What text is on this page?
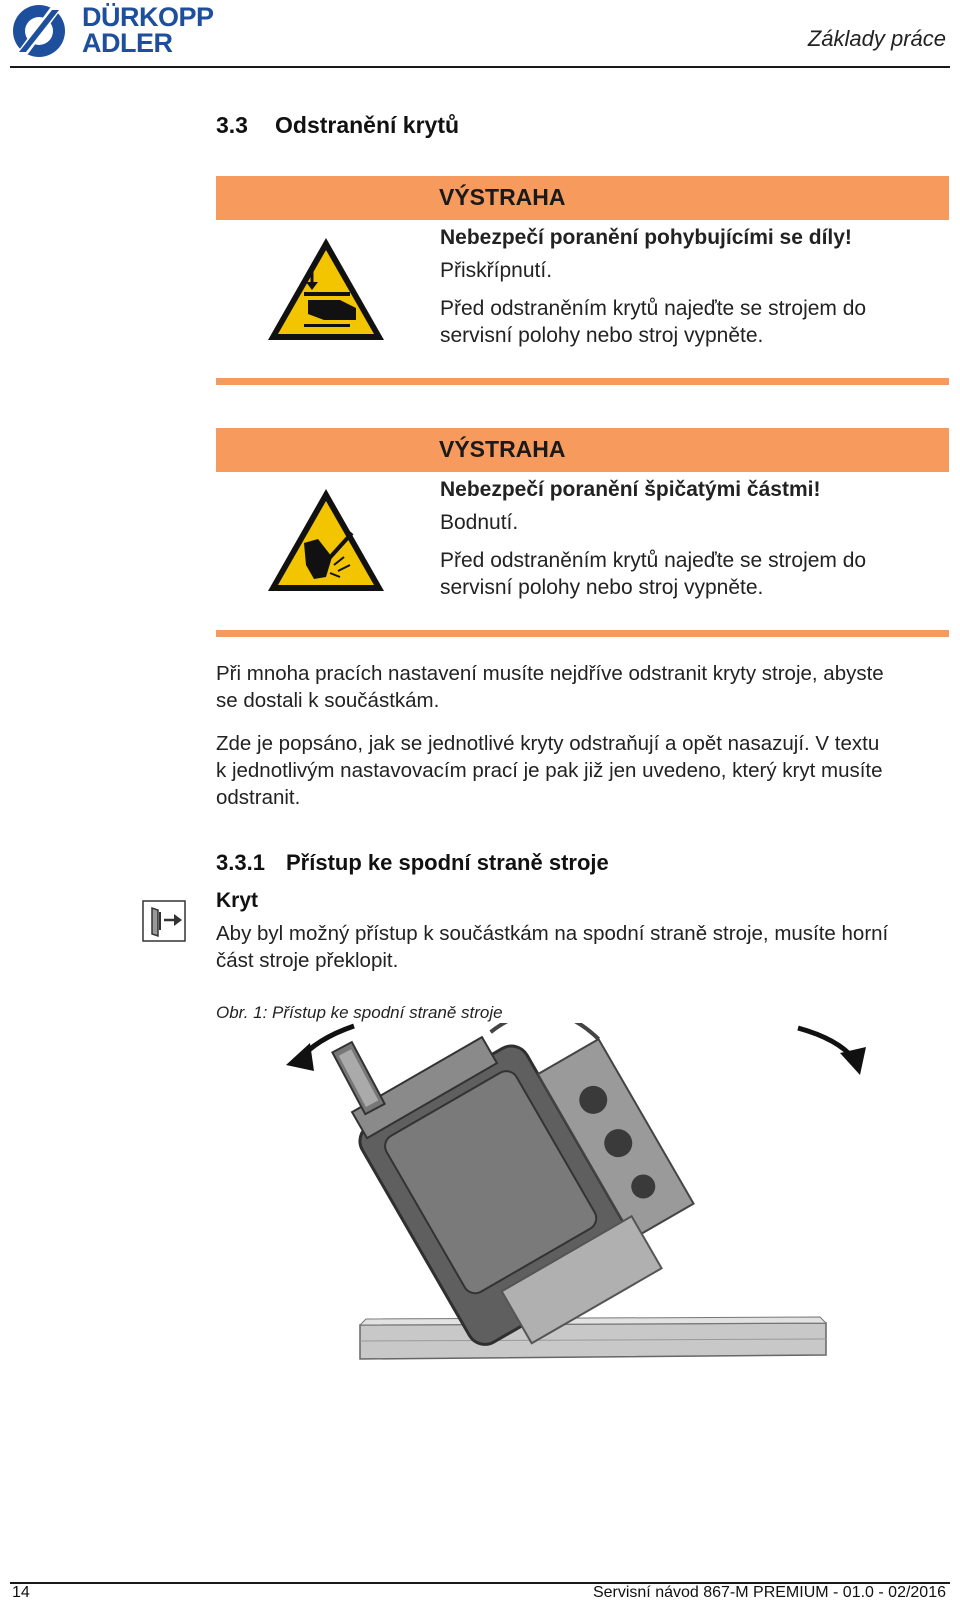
DÜRKOPP
ADLER	Základy práce
3.3 Odstranění krytů
VÝSTRAHA
Nebezpečí poranění pohybujícími se díly!
Přiskřípnutí.
Před odstraněním krytů najeďte se strojem do
servisní polohy nebo stroj vypněte.
VÝSTRAHA
Nebezpečí poranění špičatými částmi!
Bodnutí.
Před odstraněním krytů najeďte se strojem do
servisní polohy nebo stroj vypněte.
Při mnoha pracích nastavení musíte nejdříve odstranit kryty stroje, abyste
se dostali k součástkám.
Zde je popsáno, jak se jednotlivé kryty odstraňují a opět nasazují. V textu
k jednotlivým nastavovacím prací je pak již jen uvedeno, který kryt musíte
odstranit.
3.3.1 Přístup ke spodní straně stroje
Kryt
Aby byl možný přístup k součástkám na spodní straně stroje, musíte horní
část stroje překlopit.
Obr. 1: Přístup ke spodní straně stroje
14	Servisní návod 867-M PREMIUM - 01.0 - 02/2016
